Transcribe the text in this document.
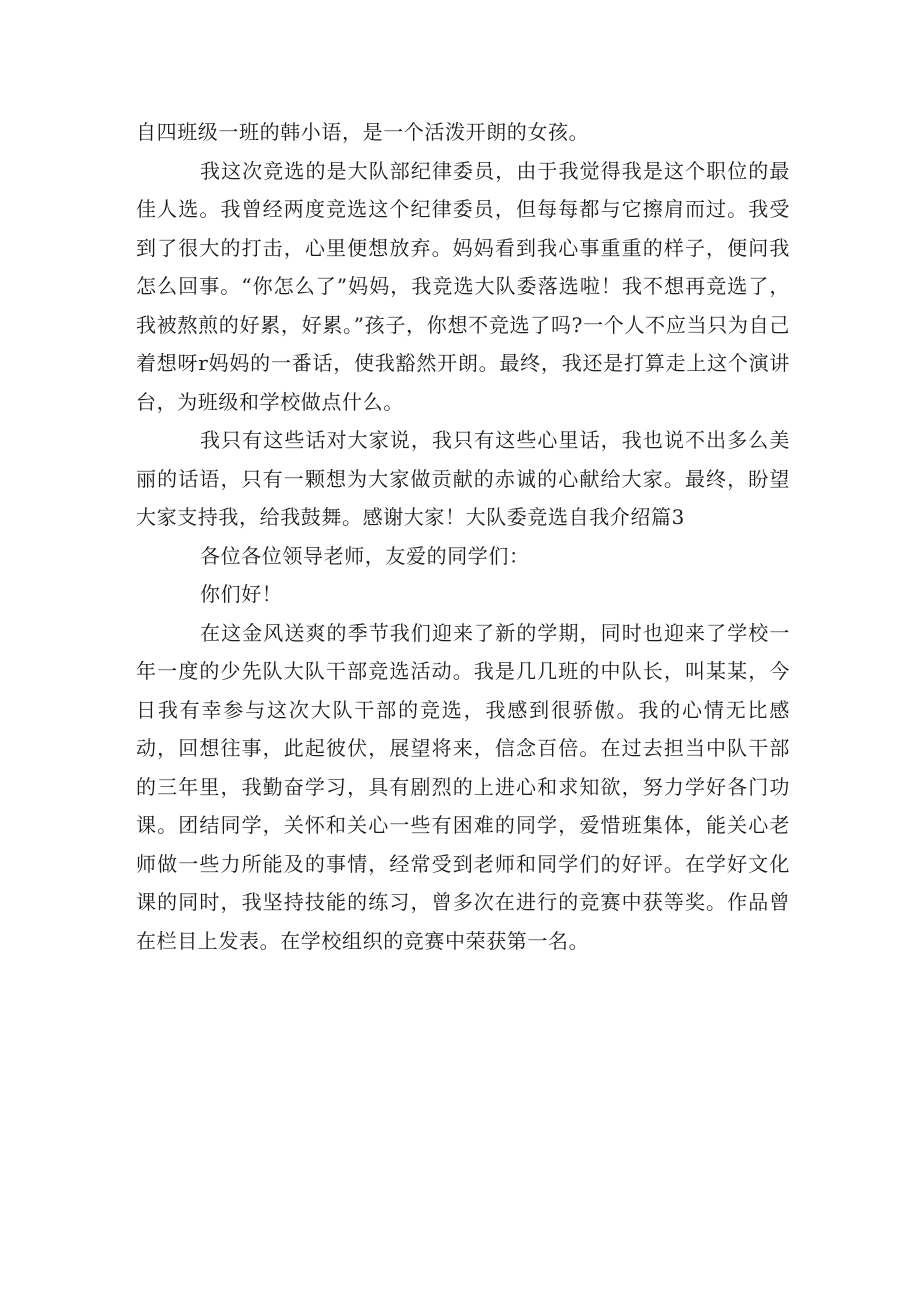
自四班级一班的韩小语，是一个活泼开朗的女孩。

我这次竞选的是大队部纪律委员，由于我觉得我是这个职位的最佳人选。我曾经两度竞选这个纪律委员，但每每都与它擦肩而过。我受到了很大的打击，心里便想放弃。妈妈看到我心事重重的样子，便问我怎么回事。“你怎么了”妈妈，我竞选大队委落选啦！我不想再竞选了，我被熬煎的好累，好累。”孩子，你想不竞选了吗?一个人不应当只为自己着想呀r妈妈的一番话，使我豁然开朗。最终，我还是打算走上这个演讲台，为班级和学校做点什么。

我只有这些话对大家说，我只有这些心里话，我也说不出多么美丽的话语，只有一颗想为大家做贡献的赤诚的心献给大家。最终，盼望大家支持我，给我鼓舞。感谢大家！大队委竞选自我介绍篇3

各位各位领导老师，友爱的同学们：

你们好！

在这金风送爽的季节我们迎来了新的学期，同时也迎来了学校一年一度的少先队大队干部竞选活动。我是几几班的中队长，叫某某，今日我有幸参与这次大队干部的竞选，我感到很骄傲。我的心情无比感动，回想往事，此起彼伏，展望将来，信念百倍。在过去担当中队干部的三年里，我勤奋学习，具有剧烈的上进心和求知欲，努力学好各门功课。团结同学，关怀和关心一些有困难的同学，爱惜班集体，能关心老师做一些力所能及的事情，经常受到老师和同学们的好评。在学好文化课的同时，我坚持技能的练习，曾多次在进行的竞赛中获等奖。作品曾在栏目上发表。在学校组织的竞赛中荣获第一名。
